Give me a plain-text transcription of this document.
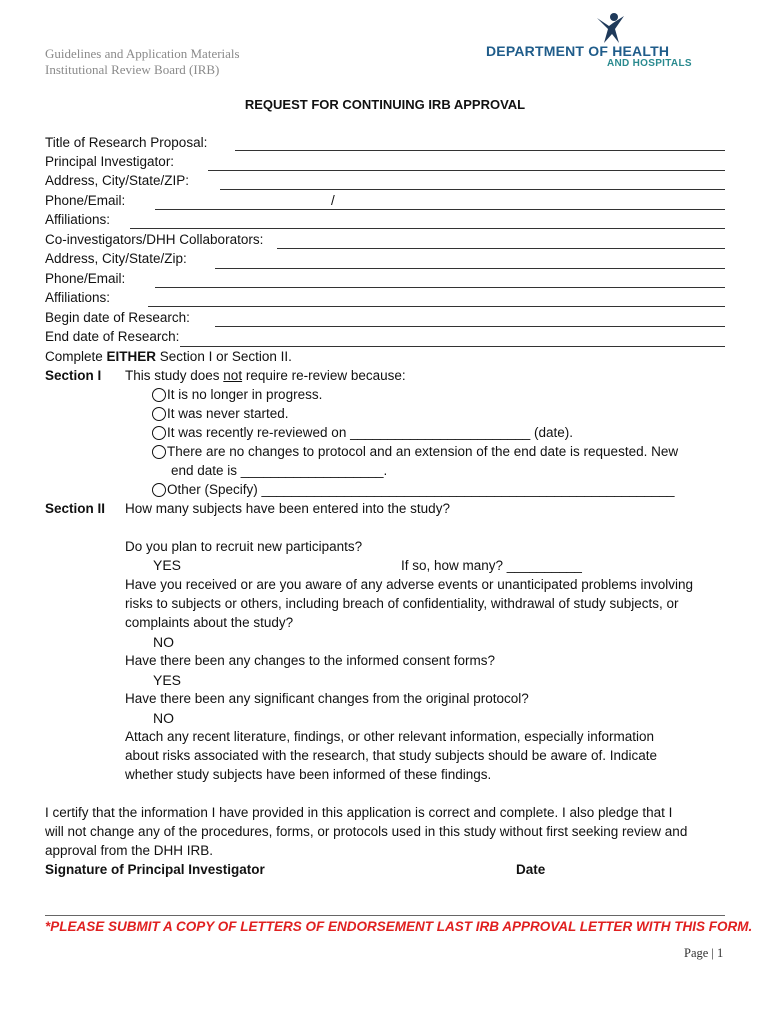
Guidelines and Application Materials
Institutional Review Board (IRB)
DEPARTMENT OF HEALTH
AND HOSPITALS
REQUEST FOR CONTINUING IRB APPROVAL
Title of Research Proposal:
Principal Investigator:
Address, City/State/ZIP:
Phone/Email:	/
Affiliations:
Co-investigators/DHH Collaborators:
Address, City/State/Zip:
Phone/Email:
Affiliations:
Begin date of Research:
End date of Research:
Complete EITHER Section I or Section II.
Section I This study does not require re-review because:
It is no longer in progress.
It was never started.
It was recently re-reviewed on ________________________ (date).
There are no changes to protocol and an extension of the end date is requested. New
end date is ___________________.
Other (Specify) _______________________________________________________
Section II How many subjects have been entered into the study?
Do you plan to recruit new participants?
YES	If so, how many? __________
Have you received or are you aware of any adverse events or unanticipated problems involving
risks to subjects or others, including breach of confidentiality, withdrawal of study subjects, or
complaints about the study?
NO
Have there been any changes to the informed consent forms?
YES
Have there been any significant changes from the original protocol?
NO
Attach any recent literature, findings, or other relevant information, especially information
about risks associated with the research, that study subjects should be aware of. Indicate
whether study subjects have been informed of these findings.
I certify that the information I have provided in this application is correct and complete. I also pledge that I
will not change any of the procedures, forms, or protocols used in this study without first seeking review and
approval from the DHH IRB.
Signature of Principal Investigator	Date
*PLEASE SUBMIT A COPY OF LETTERS OF ENDORSEMENT LAST IRB APPROVAL LETTER WITH THIS FORM.
Page | 1
